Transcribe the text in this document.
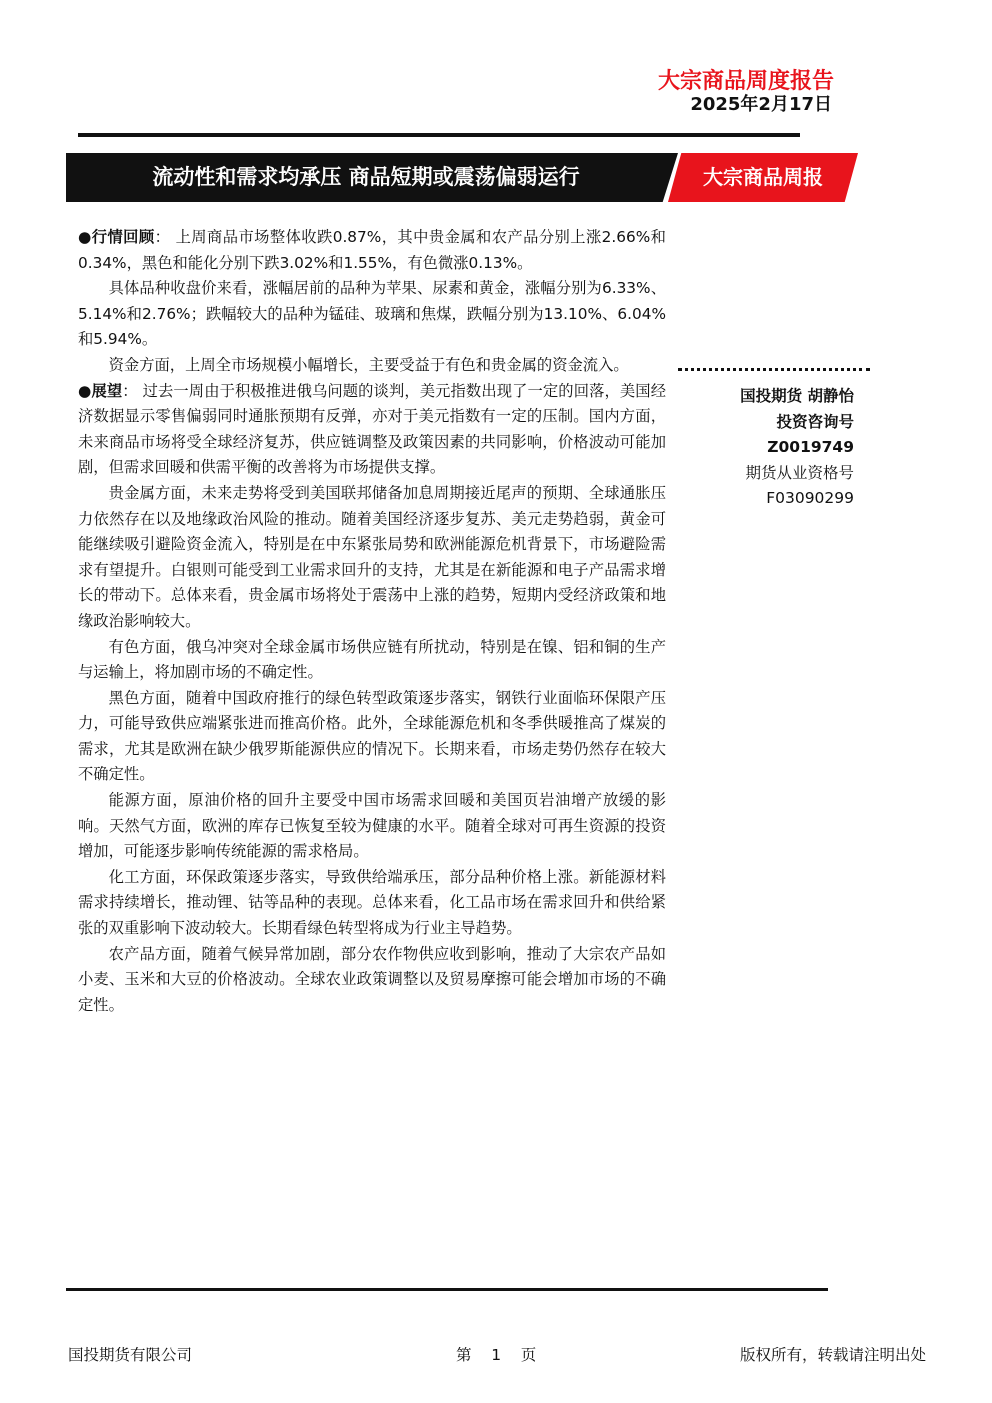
大宗商品周度报告
2025年2月17日
流动性和需求均承压 商品短期或震荡偏弱运行	大宗商品周报

●行情回顾： 上周商品市场整体收跌0.87%，其中贵金属和农产品分别上涨2.66%和0.34%，黑色和能化分别下跌3.02%和1.55%，有色微涨0.13%。

具体品种收盘价来看，涨幅居前的品种为苹果、尿素和黄金，涨幅分别为6.33%、5.14%和2.76%；跌幅较大的品种为锰硅、玻璃和焦煤，跌幅分别为13.10%、6.04%和5.94%。

资金方面，上周全市场规模小幅增长，主要受益于有色和贵金属的资金流入。

●展望： 过去一周由于积极推进俄乌问题的谈判，美元指数出现了一定的回落，美国经济数据显示零售偏弱同时通胀预期有反弹，亦对于美元指数有一定的压制。国内方面，未来商品市场将受全球经济复苏，供应链调整及政策因素的共同影响，价格波动可能加剧，但需求回暖和供需平衡的改善将为市场提供支撑。

贵金属方面，未来走势将受到美国联邦储备加息周期接近尾声的预期、全球通胀压力依然存在以及地缘政治风险的推动。随着美国经济逐步复苏、美元走势趋弱，黄金可能继续吸引避险资金流入，特别是在中东紧张局势和欧洲能源危机背景下，市场避险需求有望提升。白银则可能受到工业需求回升的支持，尤其是在新能源和电子产品需求增长的带动下。总体来看，贵金属市场将处于震荡中上涨的趋势，短期内受经济政策和地缘政治影响较大。

有色方面，俄乌冲突对全球金属市场供应链有所扰动，特别是在镍、铝和铜的生产与运输上，将加剧市场的不确定性。

黑色方面，随着中国政府推行的绿色转型政策逐步落实，钢铁行业面临环保限产压力，可能导致供应端紧张进而推高价格。此外，全球能源危机和冬季供暖推高了煤炭的需求，尤其是欧洲在缺少俄罗斯能源供应的情况下。长期来看，市场走势仍然存在较大不确定性。

能源方面，原油价格的回升主要受中国市场需求回暖和美国页岩油增产放缓的影响。天然气方面，欧洲的库存已恢复至较为健康的水平。随着全球对可再生资源的投资增加，可能逐步影响传统能源的需求格局。

化工方面，环保政策逐步落实，导致供给端承压，部分品种价格上涨。新能源材料需求持续增长，推动锂、钴等品种的表现。总体来看，化工品市场在需求回升和供给紧张的双重影响下波动较大。长期看绿色转型将成为行业主导趋势。

农产品方面，随着气候异常加剧，部分农作物供应收到影响，推动了大宗农产品如小麦、玉米和大豆的价格波动。全球农业政策调整以及贸易摩擦可能会增加市场的不确定性。

国投期货 胡静怡
投资咨询号
Z0019749
期货从业资格号
F03090299
国投期货有限公司	第    1    页	版权所有，转载请注明出处
